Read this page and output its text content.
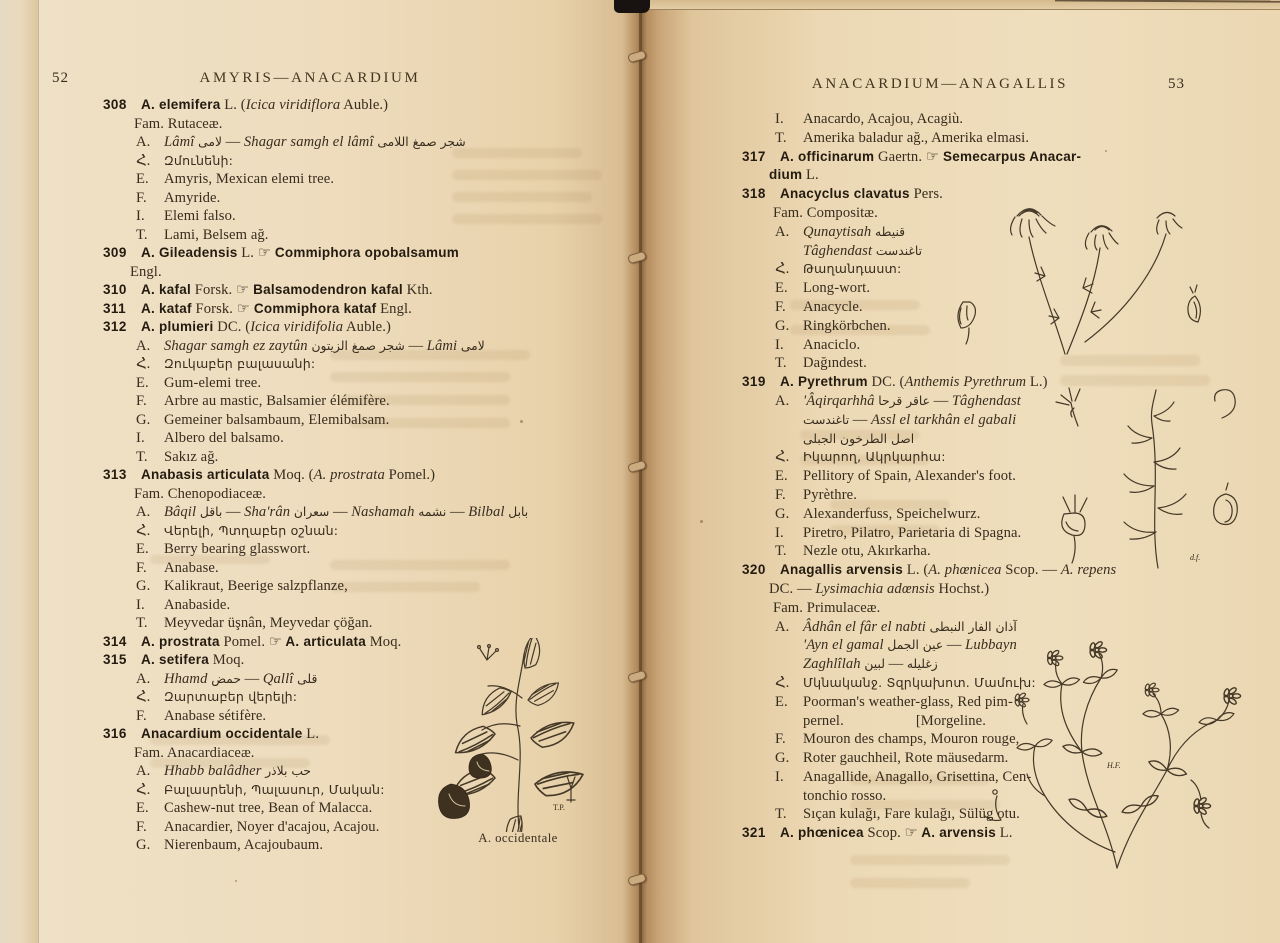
52	AMYRIS—ANACARDIUM	ANACARDIUM—ANAGALLIS	53
308 A. elemifera L. (Icica viridiflora Auble.)
Fam. Rutaceæ.
A. Lâmî لامى — Shagar samgh el lâmî شجر صمغ اللامى
Հ. Զմունենի:
E. Amyris, Mexican elemi tree.
F. Amyride.
I. Elemi falso.
T. Lami, Belsem ağ.
309 A. Gileadensis L. ☞ Commiphora opobalsamum
Engl.
310 A. kafal Forsk. ☞ Balsamodendron kafal Kth.
311 A. kataf Forsk. ☞ Commiphora kataf Engl.
312 A. plumieri DC. (Icica viridifolia Auble.)
A. Shagar samgh ez zaytûn شجر صمغ الزيتون — Lâmi لامى
Հ. Զուկաբեր բալասանի:
E. Gum-elemi tree.
F. Arbre au mastic, Balsamier élémifère.
G. Gemeiner balsambaum, Elemibalsam.
I. Albero del balsamo.
T. Sakız ağ.
313 Anabasis articulata Moq. (A. prostrata Pomel.)
Fam. Chenopodiaceæ.
A. Bâqil باقل — Sha'rân سعران — Nashamah نشمه — Bilbal بابل
Հ. Վերելի, Պտղաբեր օշնան:
E. Berry bearing glasswort.
F. Anabase.
G. Kalikraut, Beerige salzpflanze,
I. Anabaside.
T. Meyvedar üşnân, Meyvedar çöğan.
314 A. prostrata Pomel. ☞ A. articulata Moq.
315 A. setifera Moq.
A. Hhamd حمض — Qallî قلى
Հ. Զարտաբեր վերելի:
F. Anabase sétifère.
316 Anacardium occidentale L.
Fam. Anacardiaceæ.
A. Hhabb balâdher حب بلاذر
Հ. Բալասրենի, Պալասուր, Մական:
E. Cashew-nut tree, Bean of Malacca.
F. Anacardier, Noyer d'acajou, Acajou.
G. Nierenbaum, Acajoubaum.
I. Anacardo, Acajou, Acagiù.
T. Amerika baladur ağ., Amerika elmasi.
317 A. officinarum Gaertn. ☞ Semecarpus Anacar-
dium L.
318 Anacyclus clavatus Pers.
Fam. Compositæ.
A. Qunaytisah قنيطه
Tâghendast تاغندست
Հ. Թաղանդաստ:
E. Long-wort.
F. Anacycle.
G. Ringkörbchen.
I. Anaciclo.
T. Dağındest.
319 A. Pyrethrum DC. (Anthemis Pyrethrum L.)
A. 'Âqirqarhhâ عاقر قرحا — Tâghendast
تاغندست — Assl el tarkhân el gabali
اصل الطرخون الجبلى
Հ. Իկարող, Ակրկարհա:
E. Pellitory of Spain, Alexander's foot.
F. Pyrèthre.
G. Alexanderfuss, Speichelwurz.
I. Piretro, Pilatro, Parietaria di Spagna.
T. Nezle otu, Akırkarha.
320 Anagallis arvensis L. (A. phœnicea Scop. — A. repens
DC. — Lysimachia adœnsis Hochst.)
Fam. Primulaceæ.
A. Âdhân el fâr el nabti آذان الفار النبطى
'Ayn el gamal عين الجمل — Lubbayn
Zaghlîlah	زغليله — لبين
Հ. Մկնականջ. Տզրկախոտ. Մամուխ:
E. Poorman's weather-glass, Red pim-
pernel.	[Morgeline.
F. Mouron des champs, Mouron rouge,
G. Roter gauchheil, Rote mäusedarm.
I. Anagallide, Anagallo, Grisettina, Cen-
tonchio rosso.
T. Sıçan kulağı, Fare kulağı, Sülüg otu.
321 A. phœnicea Scop. ☞ A. arvensis L.
T.P.
A. occidentale
d.f.
H.F.
